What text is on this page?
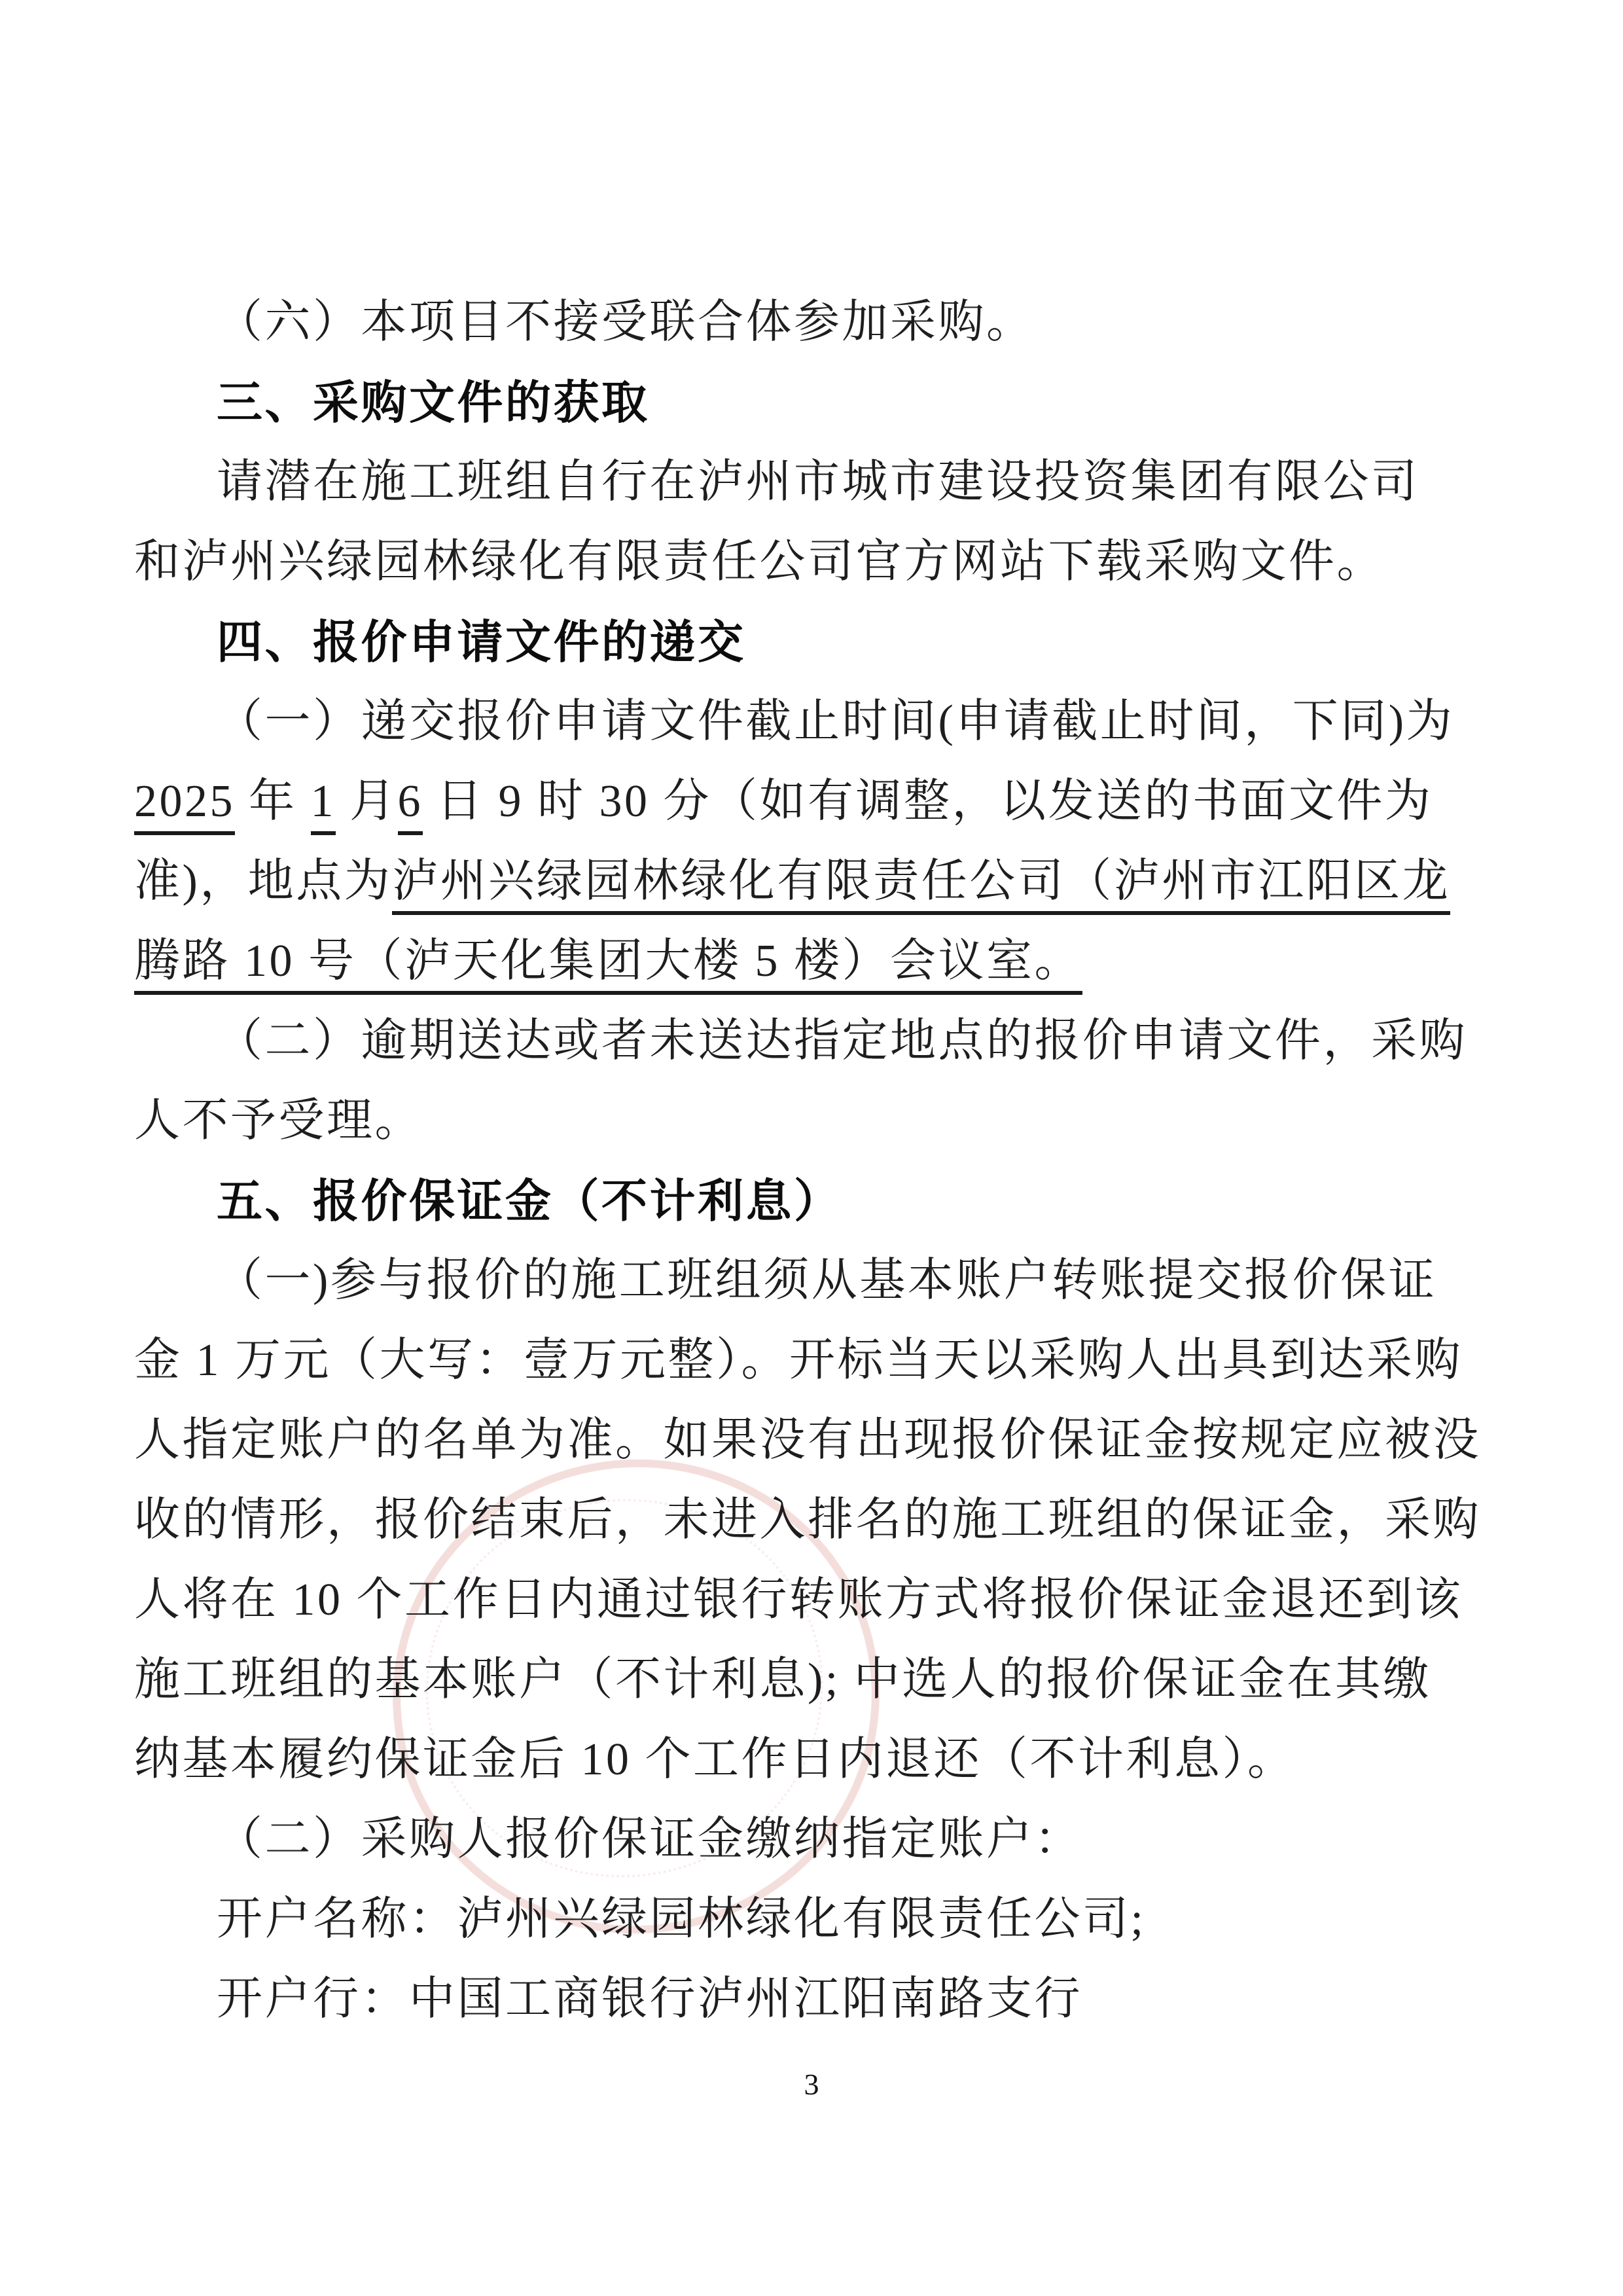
（六）本项目不接受联合体参加采购。
三、采购文件的获取
请潜在施工班组自行在泸州市城市建设投资集团有限公司
和泸州兴绿园林绿化有限责任公司官方网站下载采购文件。
四、报价申请文件的递交
（一）递交报价申请文件截止时间(申请截止时间，下同)为
2025 年 1 月6 日 9 时 30 分（如有调整，以发送的书面文件为
准)，地点为泸州兴绿园林绿化有限责任公司（泸州市江阳区龙
腾路 10 号（泸天化集团大楼 5 楼）会议室。
（二）逾期送达或者未送达指定地点的报价申请文件，采购
人不予受理。
五、报价保证金（不计利息）
（一)参与报价的施工班组须从基本账户转账提交报价保证
金 1 万元（大写：壹万元整）。开标当天以采购人出具到达采购
人指定账户的名单为准。如果没有出现报价保证金按规定应被没
收的情形，报价结束后，未进入排名的施工班组的保证金，采购
人将在 10 个工作日内通过银行转账方式将报价保证金退还到该
施工班组的基本账户（不计利息); 中选人的报价保证金在其缴
纳基本履约保证金后 10 个工作日内退还（不计利息）。
（二）采购人报价保证金缴纳指定账户：
开户名称：泸州兴绿园林绿化有限责任公司;
开户行：中国工商银行泸州江阳南路支行
3
